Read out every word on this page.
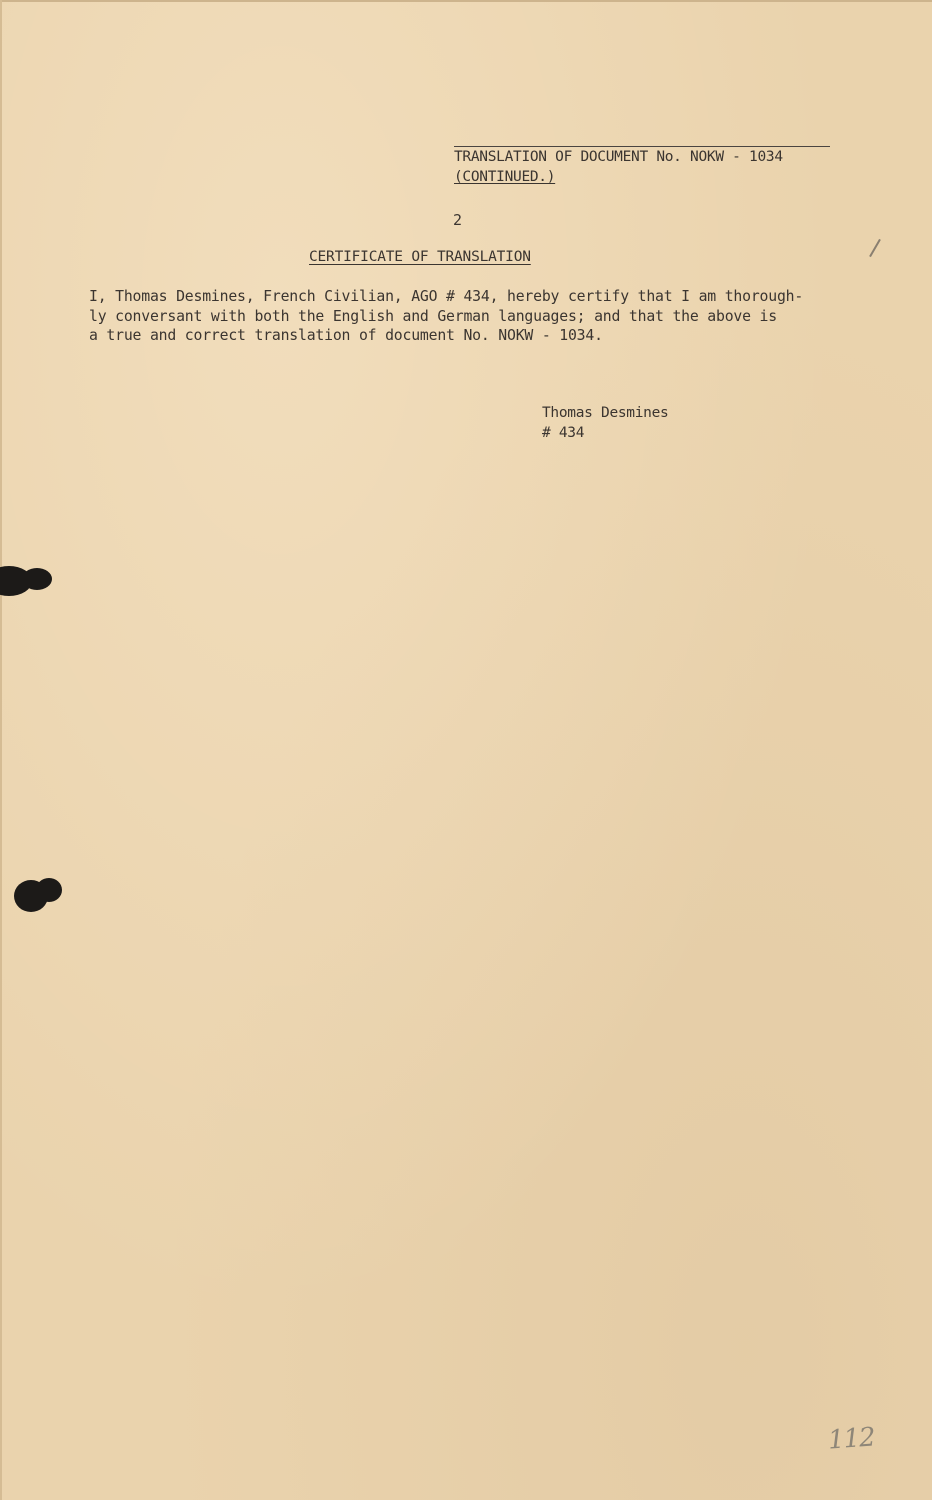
TRANSLATION OF DOCUMENT No. NOKW - 1034
(CONTINUED.)
2
CERTIFICATE OF TRANSLATION
I, Thomas Desmines, French Civilian, AGO # 434, hereby certify that I am thorough-
ly conversant with both the English and German languages; and that the above is
a true and correct translation of document No. NOKW - 1034.
Thomas Desmines
# 434
112
